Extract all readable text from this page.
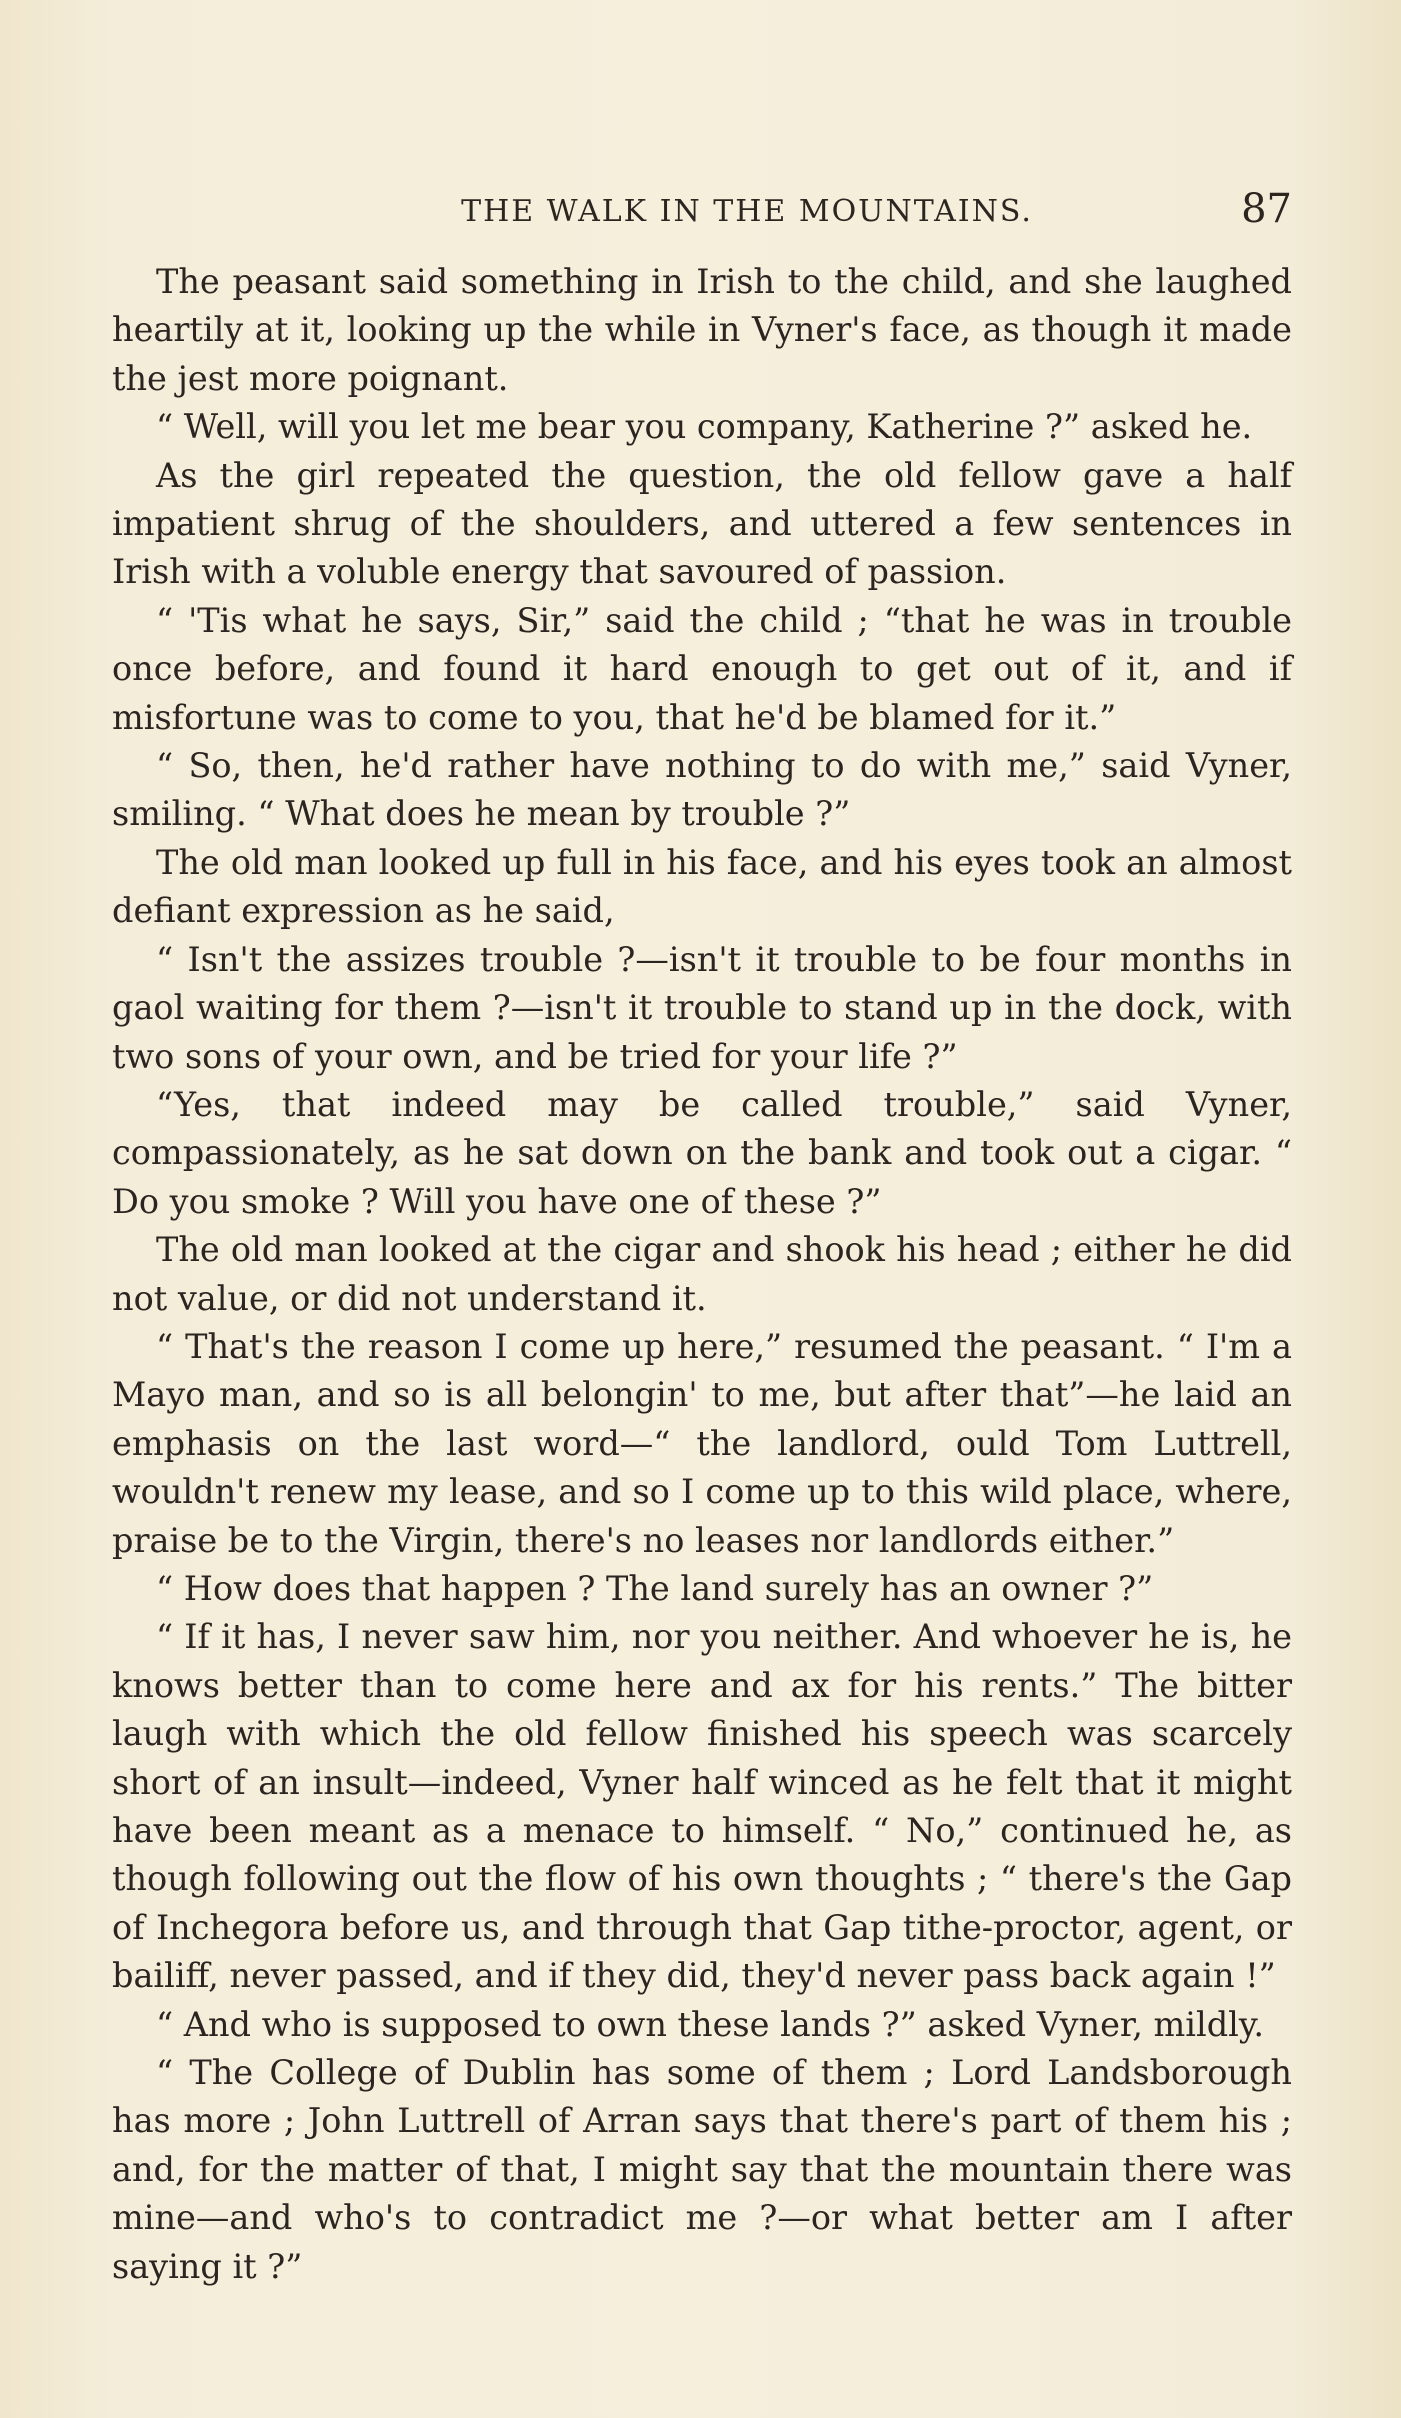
THE WALK IN THE MOUNTAINS.	87

The peasant said something in Irish to the child, and she laughed heartily at it, looking up the while in Vyner's face, as though it made the jest more poignant.

“ Well, will you let me bear you company, Katherine ?” asked he.

As the girl repeated the question, the old fellow gave a half impatient shrug of the shoulders, and uttered a few sentences in Irish with a voluble energy that savoured of passion.

“ 'Tis what he says, Sir,” said the child ; “that he was in trouble once before, and found it hard enough to get out of it, and if misfortune was to come to you, that he'd be blamed for it.”

“ So, then, he'd rather have nothing to do with me,” said Vyner, smiling. “ What does he mean by trouble ?”

The old man looked up full in his face, and his eyes took an almost defiant expression as he said,

“ Isn't the assizes trouble ?—isn't it trouble to be four months in gaol waiting for them ?—isn't it trouble to stand up in the dock, with two sons of your own, and be tried for your life ?”

“Yes, that indeed may be called trouble,” said Vyner, compassionately, as he sat down on the bank and took out a cigar. “ Do you smoke ? Will you have one of these ?”

The old man looked at the cigar and shook his head ; either he did not value, or did not understand it.

“ That's the reason I come up here,” resumed the peasant. “ I'm a Mayo man, and so is all belongin' to me, but after that”—he laid an emphasis on the last word—“ the landlord, ould Tom Luttrell, wouldn't renew my lease, and so I come up to this wild place, where, praise be to the Virgin, there's no leases nor landlords either.”

“ How does that happen ? The land surely has an owner ?”

“ If it has, I never saw him, nor you neither. And whoever he is, he knows better than to come here and ax for his rents.” The bitter laugh with which the old fellow finished his speech was scarcely short of an insult—indeed, Vyner half winced as he felt that it might have been meant as a menace to himself. “ No,” continued he, as though following out the flow of his own thoughts ; “ there's the Gap of Inchegora before us, and through that Gap tithe-proctor, agent, or bailiff, never passed, and if they did, they'd never pass back again !”

“ And who is supposed to own these lands ?” asked Vyner, mildly.

“ The College of Dublin has some of them ; Lord Landsborough has more ; John Luttrell of Arran says that there's part of them his ; and, for the matter of that, I might say that the mountain there was mine—and who's to contradict me ?—or what better am I after saying it ?”
